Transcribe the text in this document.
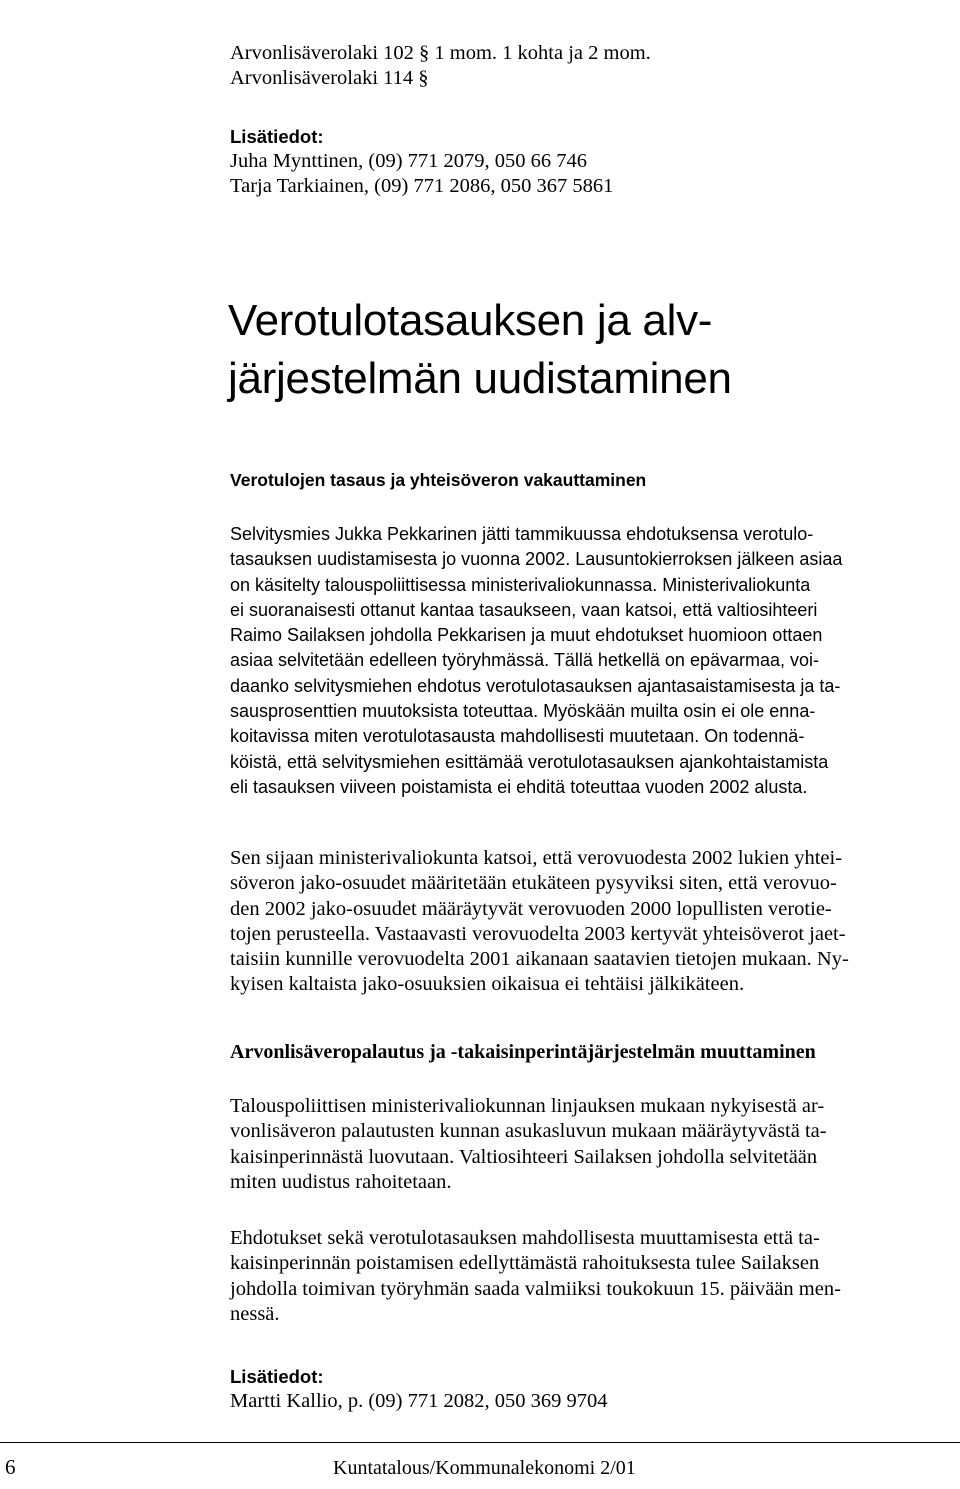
Arvonlisäverolaki 102 § 1 mom. 1 kohta ja 2 mom.
Arvonlisäverolaki 114 §
Lisätiedot:
Juha Mynttinen, (09) 771 2079, 050 66 746
Tarja Tarkiainen, (09) 771 2086, 050 367 5861
Verotulotasauksen ja alv-
järjestelmän uudistaminen
Verotulojen tasaus ja yhteisöveron vakauttaminen
Selvitysmies Jukka Pekkarinen jätti tammikuussa ehdotuksensa verotulo-
tasauksen uudistamisesta jo vuonna 2002. Lausuntokierroksen jälkeen asiaa
on käsitelty talouspoliittisessa ministerivaliokunnassa. Ministerivaliokunta
ei suoranaisesti ottanut kantaa tasaukseen, vaan katsoi, että valtiosihteeri
Raimo Sailaksen johdolla Pekkarisen ja muut ehdotukset huomioon ottaen
asiaa selvitetään edelleen työryhmässä. Tällä hetkellä on epävarmaa, voi-
daanko selvitysmiehen ehdotus verotulotasauksen ajantasaistamisesta ja ta-
sausprosenttien muutoksista toteuttaa. Myöskään muilta osin ei ole enna-
koitavissa miten verotulotasausta mahdollisesti muutetaan. On todennä-
köistä, että selvitysmiehen esittämää verotulotasauksen ajankohtaistamista
eli tasauksen viiveen poistamista ei ehditä toteuttaa vuoden 2002 alusta.
Sen sijaan ministerivaliokunta katsoi, että verovuodesta 2002 lukien yhtei-
söveron jako-osuudet määritetään etukäteen pysyviksi siten, että verovuo-
den 2002 jako-osuudet määräytyvät verovuoden 2000 lopullisten verotie-
tojen perusteella. Vastaavasti verovuodelta 2003 kertyvät yhteisöverot jaet-
taisiin kunnille verovuodelta 2001 aikanaan saatavien tietojen mukaan. Ny-
kyisen kaltaista jako-osuuksien oikaisua ei tehtäisi jälkikäteen.
Arvonlisäveropalautus ja -takaisinperintäjärjestelmän muuttaminen
Talouspoliittisen ministerivaliokunnan linjauksen mukaan nykyisestä ar-
vonlisäveron palautusten kunnan asukasluvun mukaan määräytyvästä ta-
kaisinperinnästä luovutaan. Valtiosihteeri Sailaksen johdolla selvitetään
miten uudistus rahoitetaan.
Ehdotukset sekä verotulotasauksen mahdollisesta muuttamisesta että ta-
kaisinperinnän poistamisen edellyttämästä rahoituksesta tulee Sailaksen
johdolla toimivan työryhmän saada valmiiksi toukokuun 15. päivään men-
nessä.
Lisätiedot:
Martti Kallio, p. (09) 771 2082, 050 369 9704
6	Kuntatalous/Kommunalekonomi 2/01
